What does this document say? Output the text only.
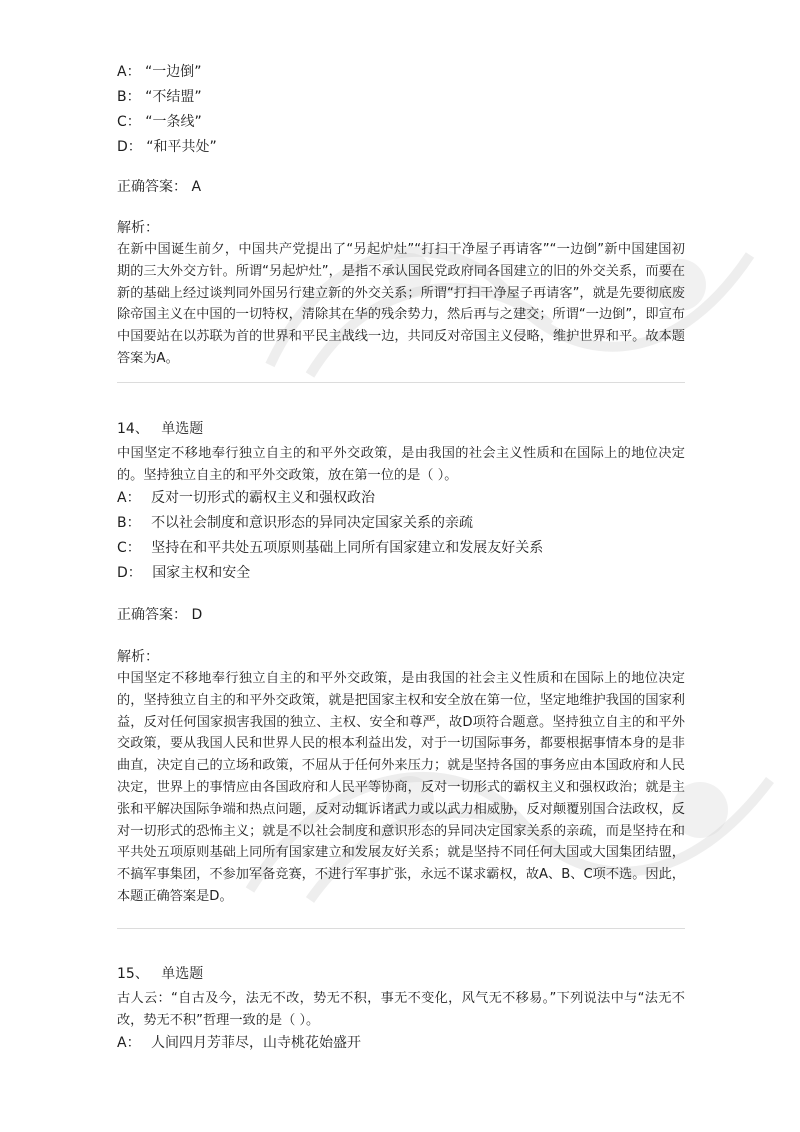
A： “一边倒”
B： “不结盟”
C： “一条线”
D： “和平共处”
正确答案： A
解析：
在新中国诞生前夕，中国共产党提出了“另起炉灶”“打扫干净屋子再请客”“一边倒”新中国建国初期的三大外交方针。所谓“另起炉灶”，是指不承认国民党政府同各国建立的旧的外交关系，而要在新的基础上经过谈判同外国另行建立新的外交关系；所谓“打扫干净屋子再请客”，就是先要彻底废除帝国主义在中国的一切特权，清除其在华的残余势力，然后再与之建交；所谓“一边倒”，即宣布中国要站在以苏联为首的世界和平民主战线一边，共同反对帝国主义侵略，维护世界和平。故本题答案为A。
14、 单选题
中国坚定不移地奉行独立自主的和平外交政策，是由我国的社会主义性质和在国际上的地位决定的。坚持独立自主的和平外交政策，放在第一位的是（ ）。
A： 反对一切形式的霸权主义和强权政治
B： 不以社会制度和意识形态的异同决定国家关系的亲疏
C： 坚持在和平共处五项原则基础上同所有国家建立和发展友好关系
D： 国家主权和安全
正确答案： D
解析：
中国坚定不移地奉行独立自主的和平外交政策，是由我国的社会主义性质和在国际上的地位决定的，坚持独立自主的和平外交政策，就是把国家主权和安全放在第一位，坚定地维护我国的国家利益，反对任何国家损害我国的独立、主权、安全和尊严，故D项符合题意。坚持独立自主的和平外交政策，要从我国人民和世界人民的根本利益出发，对于一切国际事务，都要根据事情本身的是非曲直，决定自己的立场和政策，不屈从于任何外来压力；就是坚持各国的事务应由本国政府和人民决定，世界上的事情应由各国政府和人民平等协商，反对一切形式的霸权主义和强权政治；就是主张和平解决国际争端和热点问题，反对动辄诉诸武力或以武力相威胁，反对颠覆别国合法政权，反对一切形式的恐怖主义；就是不以社会制度和意识形态的异同决定国家关系的亲疏，而是坚持在和平共处五项原则基础上同所有国家建立和发展友好关系；就是坚持不同任何大国或大国集团结盟，不搞军事集团，不参加军备竞赛，不进行军事扩张，永远不谋求霸权，故A、B、C项不选。因此，本题正确答案是D。
15、 单选题
古人云：“自古及今，法无不改，势无不积，事无不变化，风气无不移易。”下列说法中与“法无不改，势无不积”哲理一致的是（ ）。
A： 人间四月芳菲尽，山寺桃花始盛开
